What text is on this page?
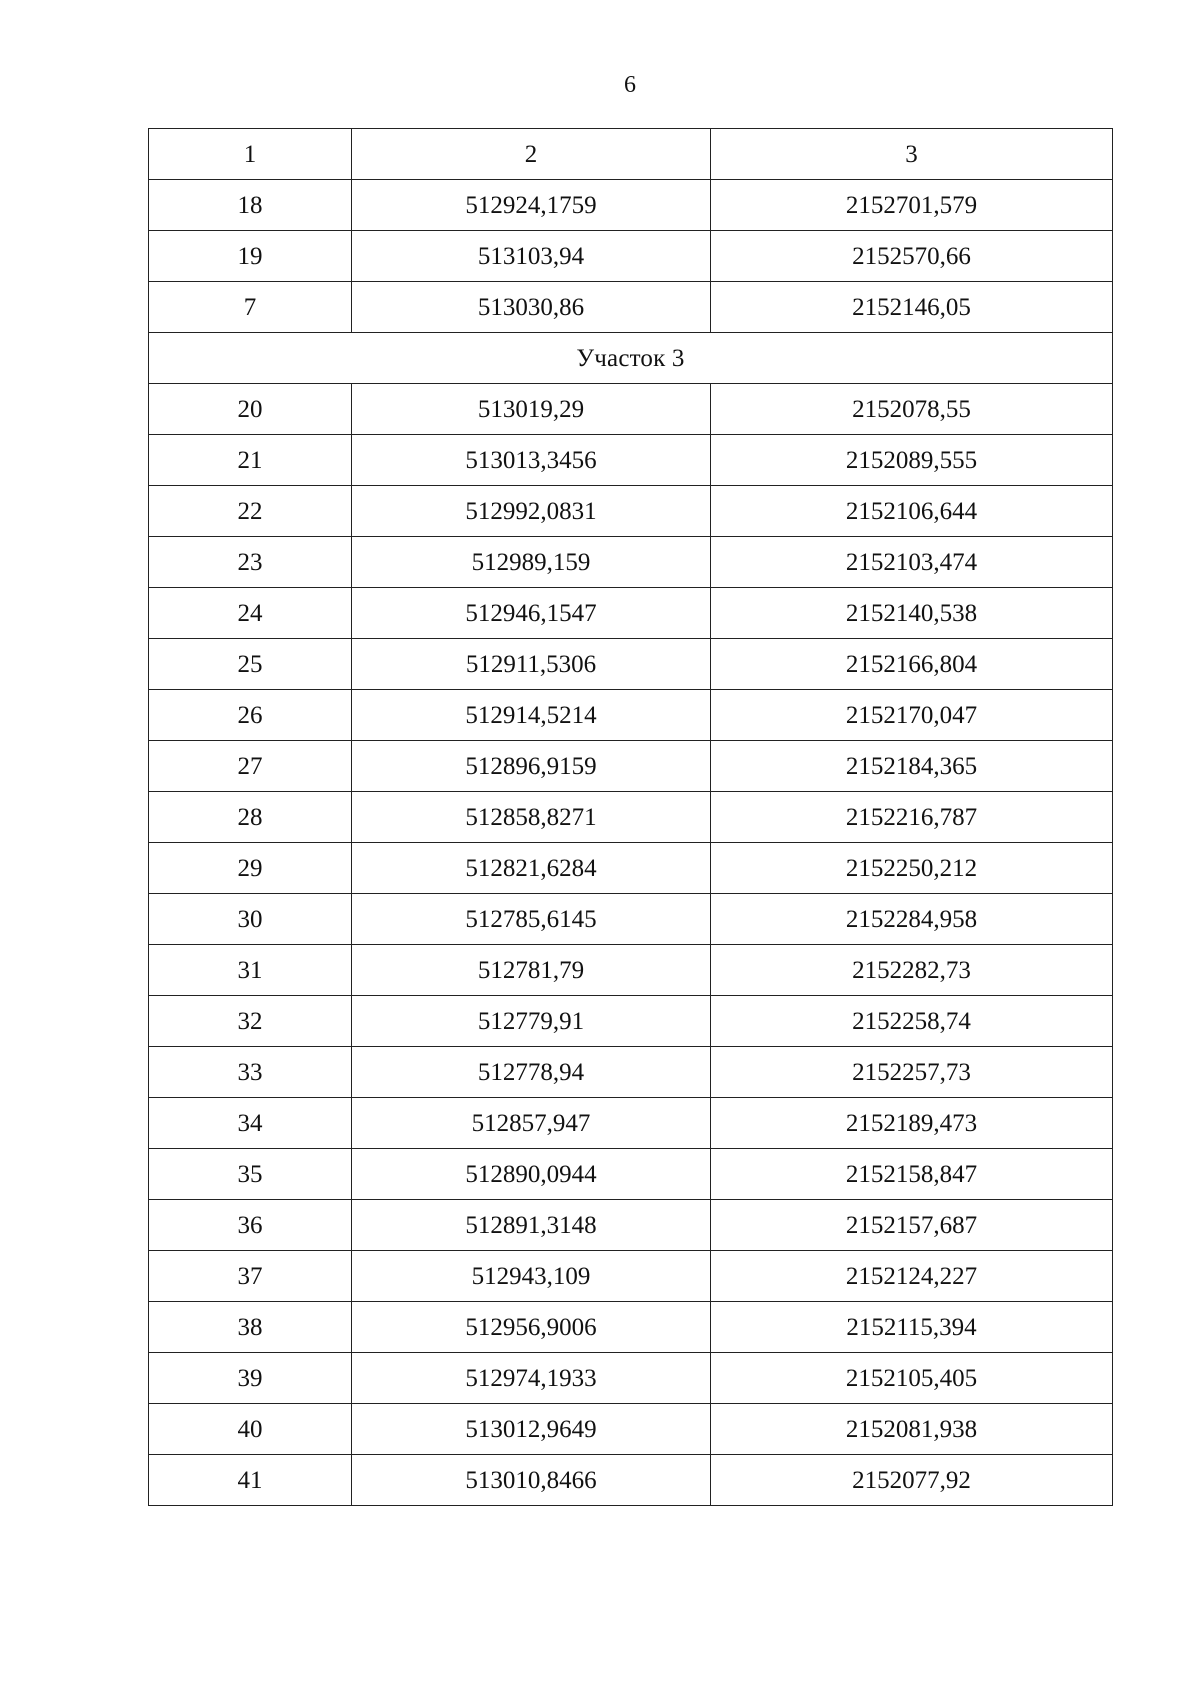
6
1	2	3
18	512924,1759	2152701,579
19	513103,94	2152570,66
7	513030,86	2152146,05
Участок 3		
20	513019,29	2152078,55
21	513013,3456	2152089,555
22	512992,0831	2152106,644
23	512989,159	2152103,474
24	512946,1547	2152140,538
25	512911,5306	2152166,804
26	512914,5214	2152170,047
27	512896,9159	2152184,365
28	512858,8271	2152216,787
29	512821,6284	2152250,212
30	512785,6145	2152284,958
31	512781,79	2152282,73
32	512779,91	2152258,74
33	512778,94	2152257,73
34	512857,947	2152189,473
35	512890,0944	2152158,847
36	512891,3148	2152157,687
37	512943,109	2152124,227
38	512956,9006	2152115,394
39	512974,1933	2152105,405
40	513012,9649	2152081,938
41	513010,8466	2152077,92
